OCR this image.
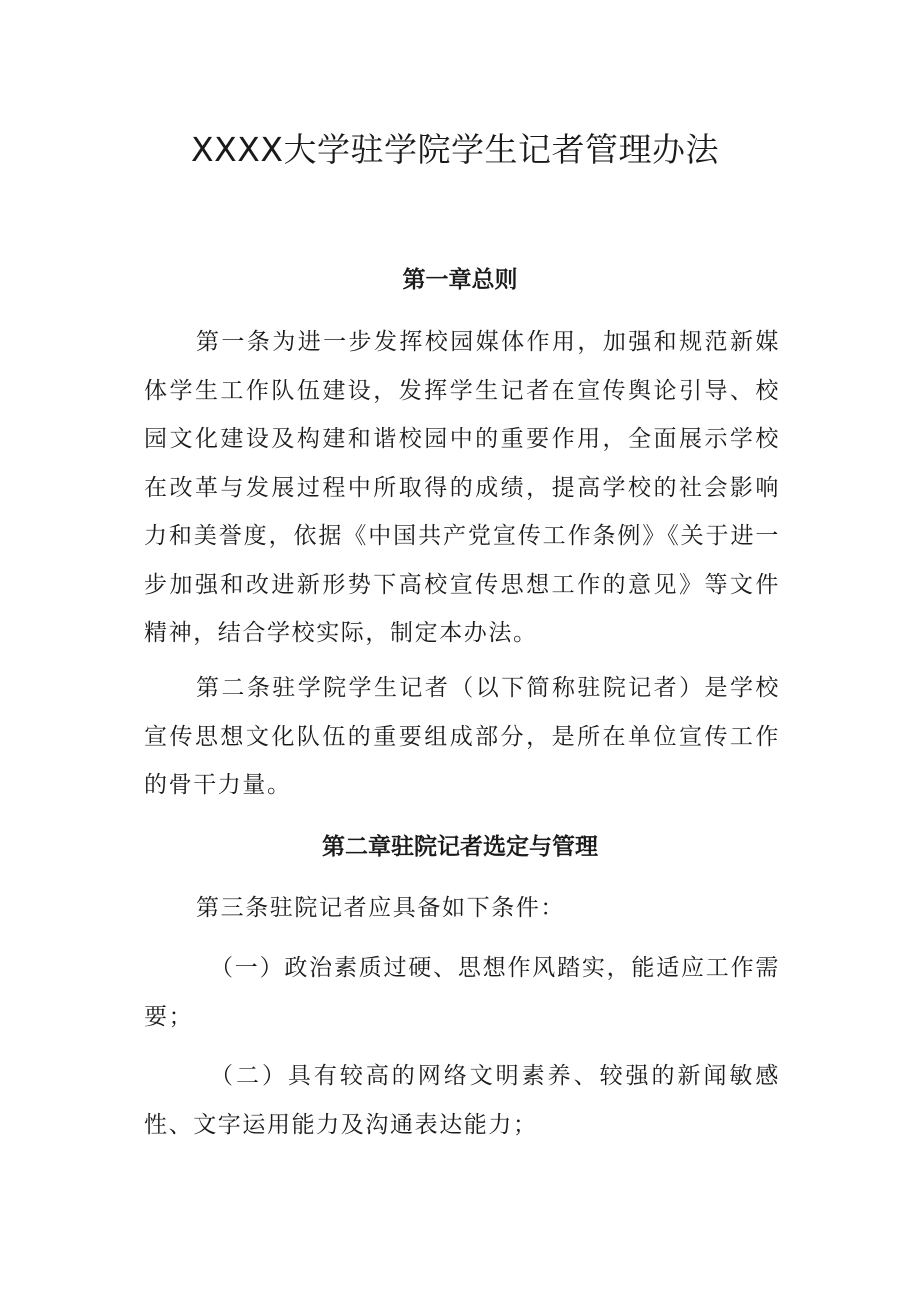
XXXX大学驻学院学生记者管理办法
第一章总则

第一条为进一步发挥校园媒体作用，加强和规范新媒体学生工作队伍建设，发挥学生记者在宣传舆论引导、校园文化建设及构建和谐校园中的重要作用，全面展示学校在改革与发展过程中所取得的成绩，提高学校的社会影响力和美誉度，依据《中国共产党宣传工作条例》《关于进一步加强和改进新形势下高校宣传思想工作的意见》等文件精神，结合学校实际，制定本办法。

第二条驻学院学生记者（以下简称驻院记者）是学校宣传思想文化队伍的重要组成部分，是所在单位宣传工作的骨干力量。

第二章驻院记者选定与管理

第三条驻院记者应具备如下条件：

（一）政治素质过硬、思想作风踏实，能适应工作需要；

（二）具有较高的网络文明素养、较强的新闻敏感性、文字运用能力及沟通表达能力；
